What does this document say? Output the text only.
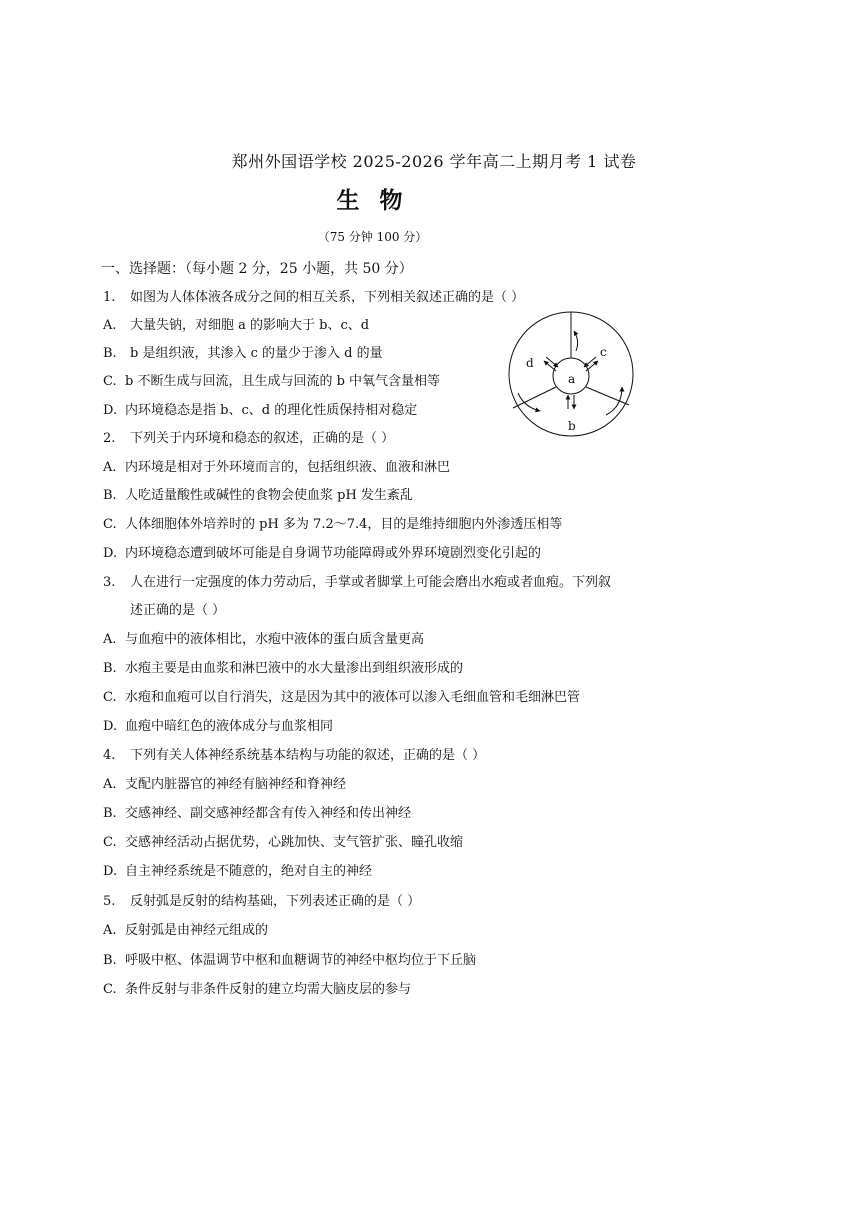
郑州外国语学校 2025-2026 学年高二上期月考 1 试卷
生 物
（75 分钟 100 分）
一、选择题：（每小题 2 分，25 小题，共 50 分）
1. 如图为人体体液各成分之间的相互关系，下列相关叙述正确的是（ ）
A. 大量失钠，对细胞 a 的影响大于 b、c、d
B. b 是组织液，其渗入 c 的量少于渗入 d 的量
C. b 不断生成与回流，且生成与回流的 b 中氧气含量相等
D. 内环境稳态是指 b、c、d 的理化性质保持相对稳定
a
b
c
d
2. 下列关于内环境和稳态的叙述，正确的是（ ）
A. 内环境是相对于外环境而言的，包括组织液、血液和淋巴
B. 人吃适量酸性或碱性的食物会使血浆 pH 发生紊乱
C. 人体细胞体外培养时的 pH 多为 7.2～7.4，目的是维持细胞内外渗透压相等
D. 内环境稳态遭到破坏可能是自身调节功能障碍或外界环境剧烈变化引起的
3. 人在进行一定强度的体力劳动后，手掌或者脚掌上可能会磨出水疱或者血疱。下列叙
述正确的是（ ）
A. 与血疱中的液体相比，水疱中液体的蛋白质含量更高
B. 水疱主要是由血浆和淋巴液中的水大量渗出到组织液形成的
C. 水疱和血疱可以自行消失，这是因为其中的液体可以渗入毛细血管和毛细淋巴管
D. 血疱中暗红色的液体成分与血浆相同
4. 下列有关人体神经系统基本结构与功能的叙述，正确的是（ ）
A. 支配内脏器官的神经有脑神经和脊神经
B. 交感神经、副交感神经都含有传入神经和传出神经
C. 交感神经活动占据优势，心跳加快、支气管扩张、瞳孔收缩
D. 自主神经系统是不随意的，绝对自主的神经
5. 反射弧是反射的结构基础，下列表述正确的是（ ）
A. 反射弧是由神经元组成的
B. 呼吸中枢、体温调节中枢和血糖调节的神经中枢均位于下丘脑
C. 条件反射与非条件反射的建立均需大脑皮层的参与
